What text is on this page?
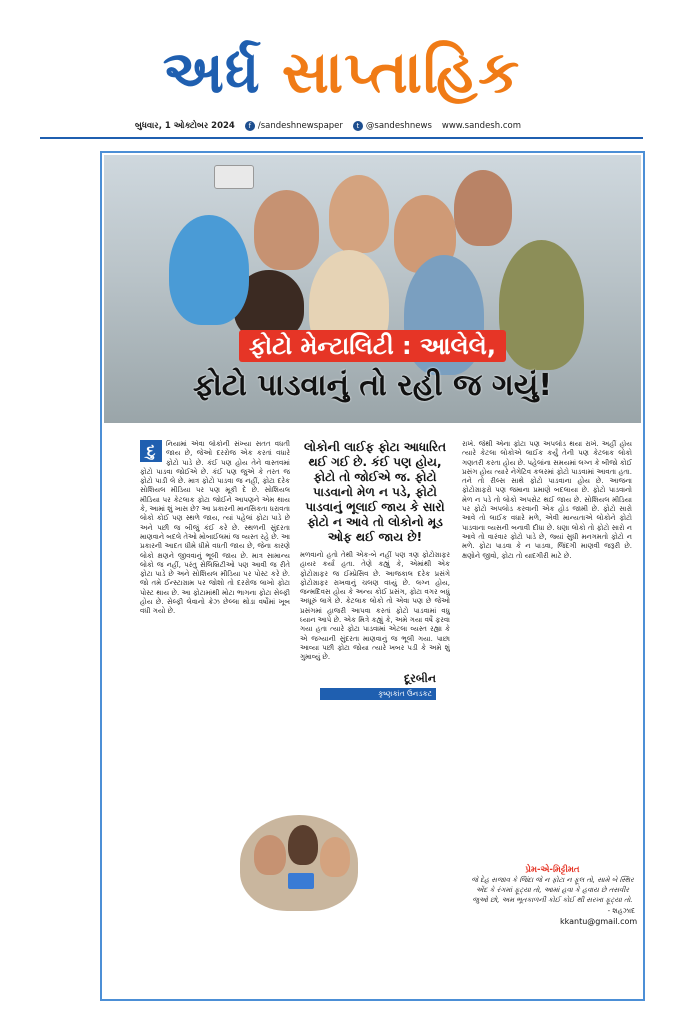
અર્ધ સાપ્તાહિક
બુધવાર, 1 ઓક્ટોબર 2024	f /sandeshnewspaper	t @sandeshnews www.sandesh.com
ફોટો મેન્ટાલિટી : આલેલે,
ફોટો પાડવાનું તો રહી જ ગયું!
દુ	નિયામાં એવા લોકોની સંખ્યા સતત વધતી જાય છે, જેઓ દરરોજ એક કરતાં વધારે ફોટો પાડે છે. કંઈ પણ હોય તેને વાસ્તવમાં ફોટો પાડવા જોઈએ છે. કંઈ પણ જુએ કે તરત જ ફોટો પાડી લે છે. માત્ર ફોટો પાડવા જ નહીં, ફોટા દરેક સોશિયલ મીડિયા પર પણ મૂકી દે છે. સોશિયલ મીડિયા પર કેટલાક ફોટા જોઈને આપણને એમ થાય કે, આમાં શું ખાસ છે? આ પ્રકારની માનસિકતા ધરાવતા લોકો કોઈ પણ સ્થળે જાય, ત્યાં પહેલાં ફોટા પાડે છે અને પછી જ બીજું કંઈ કરે છે. સ્થળની સુંદરતા માણવાને બદલે તેઓ મોબાઈલમાં જ વ્યસ્ત રહે છે. આ પ્રકારની આદત ધીમે ધીમે વધતી જાય છે, જેના કારણે લોકો ક્ષણને જીવવાનું ભૂલી જાય છે. માત્ર સામાન્ય લોકો જ નહીં, પરંતુ સેલિબ્રિટીઓ પણ આવી જ રીતે ફોટા પાડે છે અને સોશિયલ મીડિયા પર પોસ્ટ કરે છે. જો તમે ઈન્સ્ટાગ્રામ પર જોશો તો દરરોજ લાખો ફોટા પોસ્ટ થાય છે. આ ફોટામાંથી મોટા ભાગના ફોટા સેલ્ફી હોય છે. સેલ્ફી લેવાનો ક્રેઝ છેલ્લા થોડા વર્ષોમાં ખૂબ વધી ગયો છે.
લોકોની લાઈફ ફોટા આધારિત થઈ ગઈ છે. કંઈ પણ હોય, ફોટો તો જોઈએ જ. ફોટો પાડવાનો મેળ ન પડે, ફોટો પાડવાનું ભૂલાઈ જાય કે સારો ફોટો ન આવે તો લોકોનો મૂડ ઓફ થઈ જાય છે!
મળવાનો હતો તેથી એક-બે નહીં પણ ત્રણ ફોટોગ્રાફર હાયર કર્યા હતા. તેણે કહ્યું કે, એમાંથી એક ફોટોગ્રાફર જ ઈમ્પ્રેસિવ છે. આજકાલ દરેક પ્રસંગે ફોટોગ્રાફર રાખવાનું ચલણ વધ્યું છે. લગ્ન હોય, જન્મદિવસ હોય કે અન્ય કોઈ પ્રસંગ, ફોટા વગર બધું અધૂરું લાગે છે. કેટલાક લોકો તો એવા પણ છે જેઓ પ્રસંગમાં હાજરી આપવા કરતાં ફોટો પાડવામાં વધુ ધ્યાન આપે છે. એક મિત્રે કહ્યું કે, અમે ગયા વર્ષે ફરવા ગયા હતા ત્યારે ફોટા પાડવામાં એટલા વ્યસ્ત રહ્યા કે એ જગ્યાની સુંદરતા માણવાનું જ ભૂલી ગયા. પાછા આવ્યા પછી ફોટા જોયા ત્યારે ખબર પડી કે અમે શું ગુમાવ્યું છે.
રાખે. જેથી એના ફોટા પણ અપલોડ થયા રાખે. અહીં હોય ત્યારે કેટલા લોકોએ લાઈક કર્યું તેની પણ કેટલાક લોકો ગણતરી કરતા હોય છે. પહેલાંના સમયમાં લગ્ન કે બીજો કોઈ પ્રસંગ હોય ત્યારે નેગેટિવ કલરમાં ફોટો પાડવામાં આવતા હતા. તને તો રીલ્સ સાથે ફોટો પાડવાના હોય છે. આજના ફોટોગ્રાફરો પણ જમાના પ્રમાણે બદલાયા છે. ફોટો પાડવાનો મેળ ન પડે તો લોકો અપસેટ થઈ જાય છે. સોશિયલ મીડિયા પર ફોટો અપલોડ કરવાની એક હોડ જામી છે. ફોટો સારો આવે તો લાઈક વધારે મળે, એવી માન્યતાએ લોકોને ફોટો પાડવાના વ્યસની બનાવી દીધા છે. ઘણા લોકો તો ફોટો સારો ન આવે તો વારંવાર ફોટો પાડે છે, જ્યાં સુધી મનગમતો ફોટો ન મળે. ફોટા પાડવા કે ન પાડવા, જિંદગી માણવી જરૂરી છે. ક્ષણોને જીવો, ફોટા તો યાદગીરી માટે છે.
દૂરબીન
કૃષ્ણકાંત ઉનડકટ
પ્રેમ-એ-મિટ્ટીમત
જે દેહ સજાવ કે જિંદા જે ન ફોટા ન ફૂલ તો, સામે બે સ્થિર એંદ કે રંગમાં ફૂટ્યા તો, આમાં હવા કે હવાય છે તસવીર જુઓ છો, અમ ભૂતકાળની કોઈ કોઈ થી સરખા ફૂટ્યા તો.
- શહઝાદ
kkantu@gmail.com
